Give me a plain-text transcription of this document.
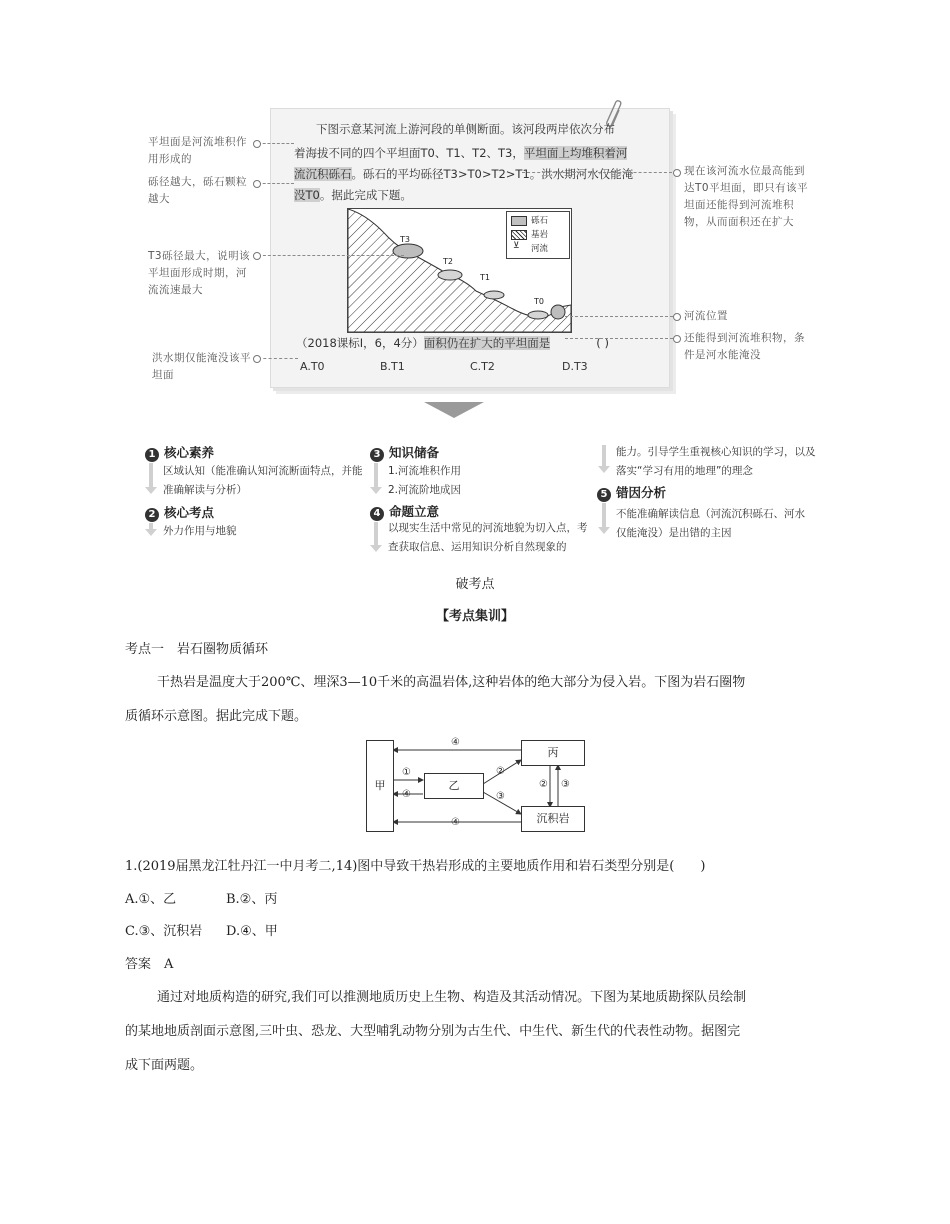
下图示意某河流上游河段的单侧断面。该河段两岸依次分布
着海拔不同的四个平坦面T0、T1、T2、T3，平坦面上均堆积着河
流沉积砾石。砾石的平均砾径T3>T0>T2>T1。洪水期河水仅能淹
没T0。据此完成下题。
T3
T2
T1
T0
砾石
基岩
⊻ 河流
（2018课标Ⅰ，6，4分）面积仍在扩大的平坦面是	( )
A.T0	B.T1	C.T2	D.T3
平坦面是河流堆积作用形成的
砾径越大，砾石颗粒越大
T3砾径最大，说明该平坦面形成时期，河流流速最大
洪水期仅能淹没该平坦面
现在该河流水位最高能到达T0平坦面，即只有该平坦面还能得到河流堆积物，从而面积还在扩大
河流位置
还能得到河流堆积物，条件是河水能淹没
1 核心素养
区域认知（能准确认知河流断面特点，并能准确解读与分析）
2 核心考点
外力作用与地貌
3 知识储备
1.河流堆积作用
2.河流阶地成因
4 命题立意
以现实生活中常见的河流地貌为切入点，考查获取信息、运用知识分析自然现象的
能力。引导学生重视核心知识的学习，以及落实“学习有用的地理”的理念
5 错因分析
不能准确解读信息（河流沉积砾石、河水仅能淹没）是出错的主因
破考点
【考点集训】
考点一　岩石圈物质循环
干热岩是温度大于200℃、埋深3—10千米的高温岩体,这种岩体的绝大部分为侵入岩。下图为岩石圈物
质循环示意图。据此完成下题。
甲	乙
丙
沉积岩
④
①
④
②
③
② ③
④
1.(2019届黑龙江牡丹江一中月考二,14)图中导致干热岩形成的主要地质作用和岩石类型分别是(　　)
A.①、乙	B.②、丙
C.③、沉积岩 D.④、甲
答案　A
通过对地质构造的研究,我们可以推测地质历史上生物、构造及其活动情况。下图为某地质勘探队员绘制
的某地地质剖面示意图,三叶虫、恐龙、大型哺乳动物分别为古生代、中生代、新生代的代表性动物。据图完
成下面两题。
